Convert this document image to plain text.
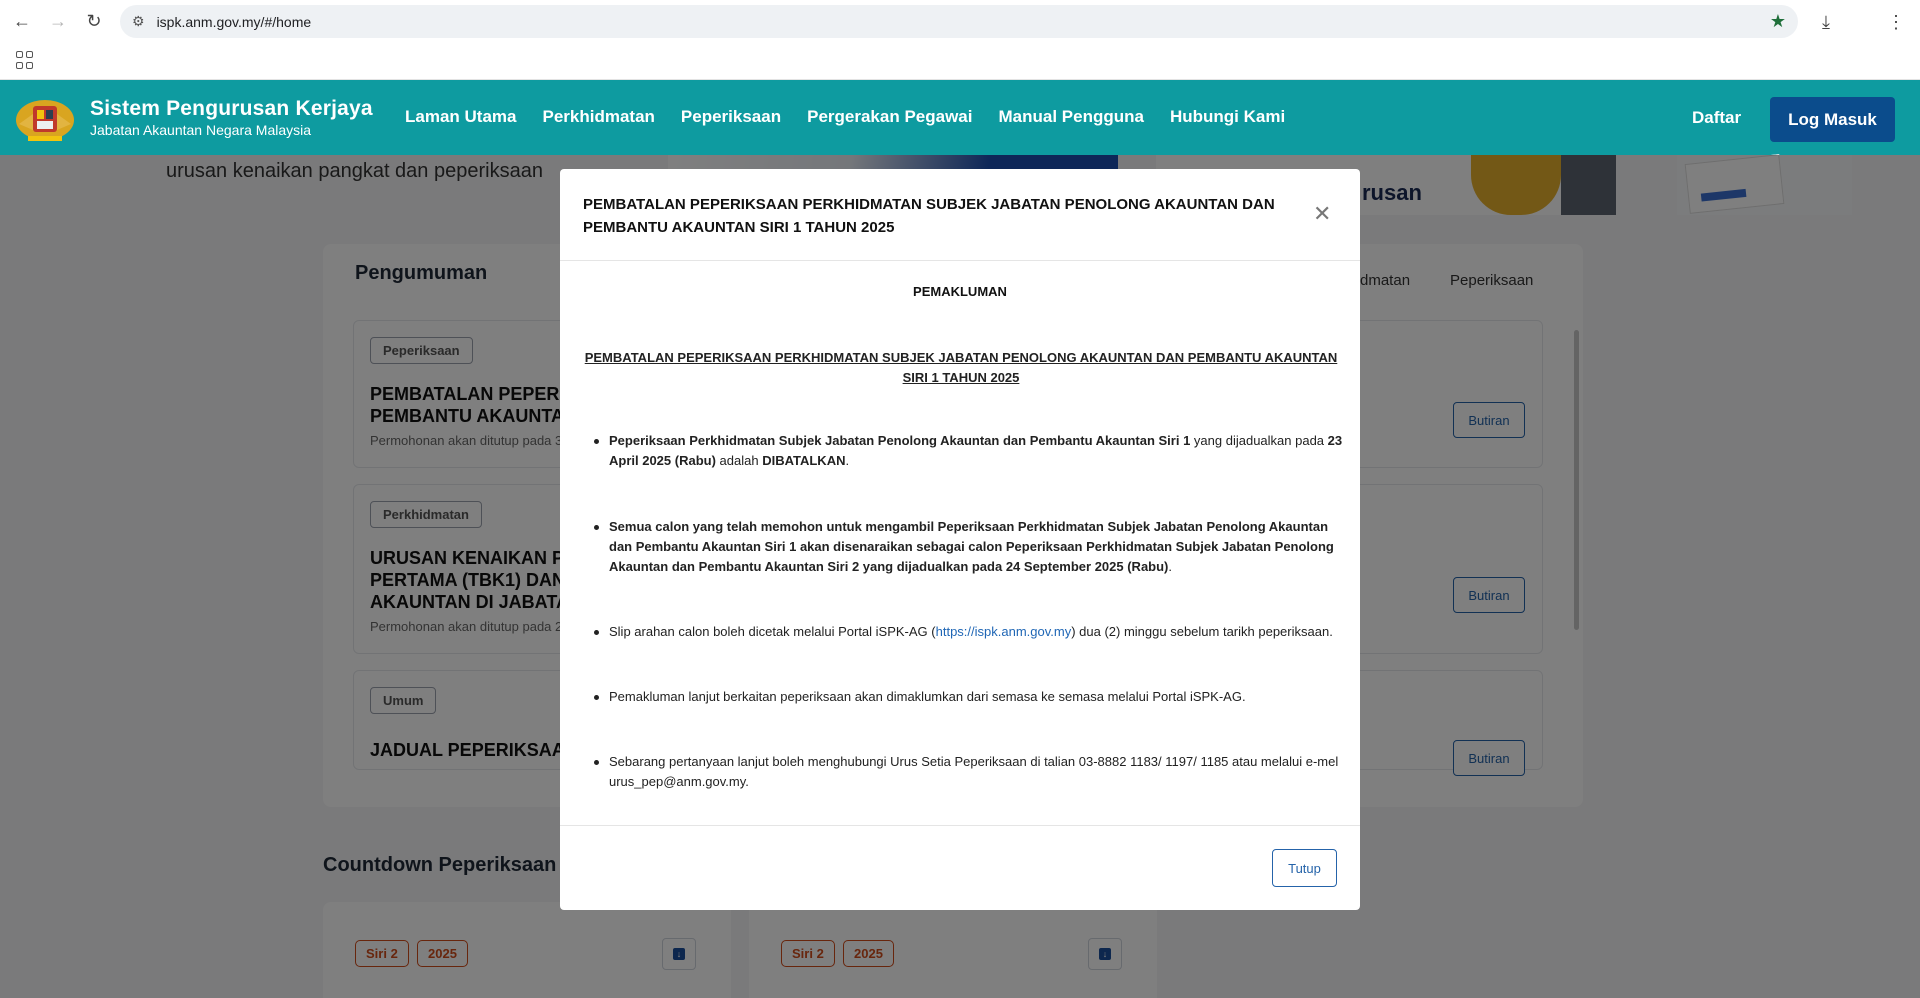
←	→	↻	⚙ ispk.anm.gov.my/#/home	★	⤓	⋮
Sistem Pengurusan Kerjaya
Jabatan Akauntan Negara Malaysia
Laman Utama Perkhidmatan Peperiksaan Pergerakan Pegawai Manual Pengguna Hubungi Kami	Daftar	Log Masuk
PEMBATALAN PEPERIKSAAN PERKHIDMATAN SUBJEK JABATAN PENOLONG AKAUNTAN DAN PEMBANTU AKAUNTAN SIRI 1 TAHUN 2025
✕
PEMAKLUMAN
PEMBATALAN PEPERIKSAAN PERKHIDMATAN SUBJEK JABATAN PENOLONG AKAUNTAN DAN PEMBANTU AKAUNTAN SIRI 1 TAHUN 2025
Peperiksaan Perkhidmatan Subjek Jabatan Penolong Akauntan dan Pembantu Akauntan Siri 1 yang dijadualkan pada 23 April 2025 (Rabu) adalah DIBATALKAN.
Semua calon yang telah memohon untuk mengambil Peperiksaan Perkhidmatan Subjek Jabatan Penolong Akauntan dan Pembantu Akauntan Siri 1 akan disenaraikan sebagai calon Peperiksaan Perkhidmatan Subjek Jabatan Penolong Akauntan dan Pembantu Akauntan Siri 2 yang dijadualkan pada 24 September 2025 (Rabu).
Slip arahan calon boleh dicetak melalui Portal iSPK-AG (https://ispk.anm.gov.my) dua (2) minggu sebelum tarikh peperiksaan.
Pemakluman lanjut berkaitan peperiksaan akan dimaklumkan dari semasa ke semasa melalui Portal iSPK-AG.
Sebarang pertanyaan lanjut boleh menghubungi Urus Setia Peperiksaan di talian 03-8882 1183/ 1197/ 1185 atau melalui e-mel urus_pep@anm.gov.my.
Tutup
